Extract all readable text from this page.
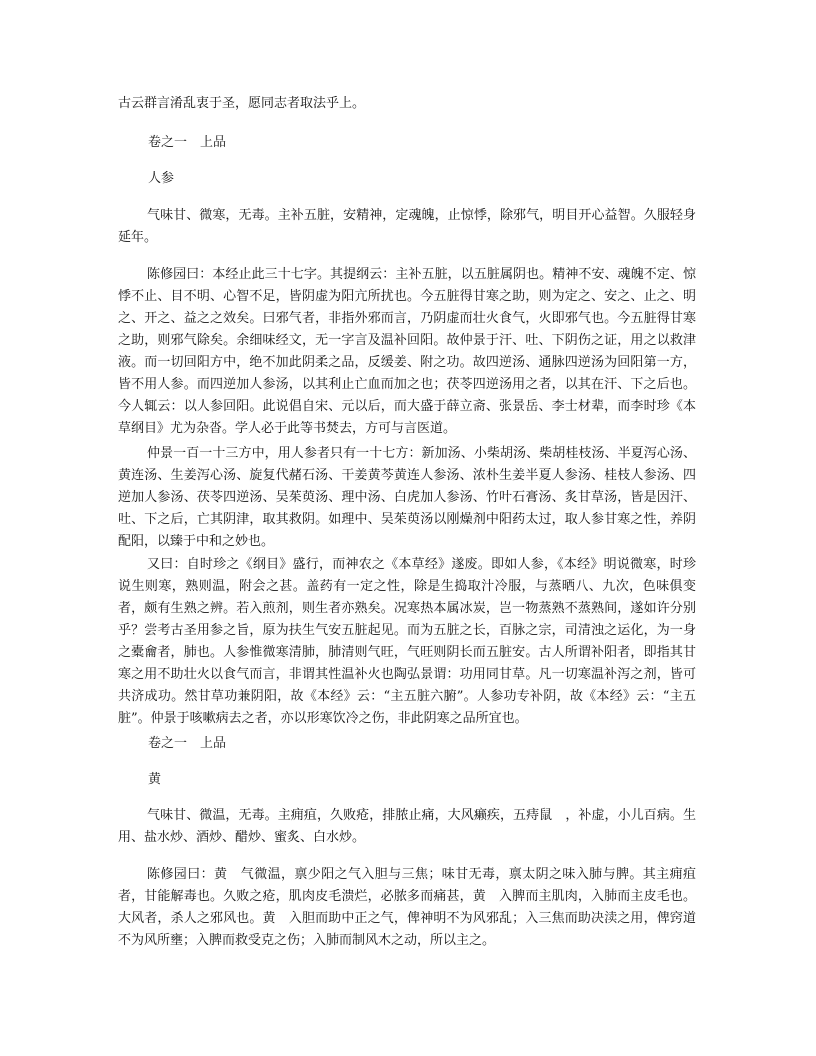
古云群言淆乱衷于圣，愿同志者取法乎上。

卷之一　上品

人参

气味甘、微寒，无毒。主补五脏，安精神，定魂魄，止惊悸，除邪气，明目开心益智。久服轻身延年。

陈修园曰：本经止此三十七字。其提纲云：主补五脏，以五脏属阴也。精神不安、魂魄不定、惊悸不止、目不明、心智不足，皆阴虚为阳亢所扰也。今五脏得甘寒之助，则为定之、安之、止之、明之、开之、益之之效矣。曰邪气者，非指外邪而言，乃阴虚而壮火食气，火即邪气也。今五脏得甘寒之助，则邪气除矣。余细味经文，无一字言及温补回阳。故仲景于汗、吐、下阴伤之证，用之以救津液。而一切回阳方中，绝不加此阴柔之品，反缓姜、附之功。故四逆汤、通脉四逆汤为回阳第一方，皆不用人参。而四逆加人参汤，以其利止亡血而加之也；茯苓四逆汤用之者，以其在汗、下之后也。今人辄云：以人参回阳。此说倡自宋、元以后，而大盛于薛立斋、张景岳、李士材辈，而李时珍《本草纲目》尤为杂沓。学人必于此等书焚去，方可与言医道。

仲景一百一十三方中，用人参者只有一十七方：新加汤、小柴胡汤、柴胡桂枝汤、半夏泻心汤、黄连汤、生姜泻心汤、旋复代赭石汤、干姜黄芩黄连人参汤、浓朴生姜半夏人参汤、桂枝人参汤、四逆加人参汤、茯苓四逆汤、吴茱萸汤、理中汤、白虎加人参汤、竹叶石膏汤、炙甘草汤，皆是因汗、吐、下之后，亡其阴津，取其救阴。如理中、吴茱萸汤以刚燥剂中阳药太过，取人参甘寒之性，养阴配阳，以臻于中和之妙也。

又曰：自时珍之《纲目》盛行，而神农之《本草经》遂废。即如人参，《本经》明说微寒，时珍说生则寒，熟则温，附会之甚。盖药有一定之性，除是生捣取汁冷服，与蒸晒八、九次，色味俱变者，颇有生熟之辨。若入煎剂，则生者亦熟矣。况寒热本属冰炭，岂一物蒸熟不蒸熟间，遂如许分别乎？尝考古圣用参之旨，原为扶生气安五脏起见。而为五脏之长，百脉之宗，司清浊之运化，为一身之橐龠者，肺也。人参惟微寒清肺，肺清则气旺，气旺则阴长而五脏安。古人所谓补阳者，即指其甘寒之用不助壮火以食气而言，非谓其性温补火也陶弘景谓：功用同甘草。凡一切寒温补泻之剂，皆可共济成功。然甘草功兼阴阳，故《本经》云：“主五脏六腑”。人参功专补阴，故《本经》云：“主五脏”。仲景于咳嗽病去之者，亦以形寒饮冷之伤，非此阴寒之品所宜也。

卷之一　上品

黄

气味甘、微温，无毒。主痈疽，久败疮，排脓止痛，大风癞疾，五痔鼠　，补虚，小儿百病。生用、盐水炒、酒炒、醋炒、蜜炙、白水炒。

陈修园曰：黄　气微温，禀少阳之气入胆与三焦；味甘无毒，禀太阴之味入肺与脾。其主痈疽者，甘能解毒也。久败之疮，肌肉皮毛溃烂，必脓多而痛甚，黄　入脾而主肌肉，入肺而主皮毛也。大风者，杀人之邪风也。黄　入胆而助中正之气，俾神明不为风邪乱；入三焦而助决渎之用，俾窍道不为风所壅；入脾而救受克之伤；入肺而制风木之动，所以主之。
